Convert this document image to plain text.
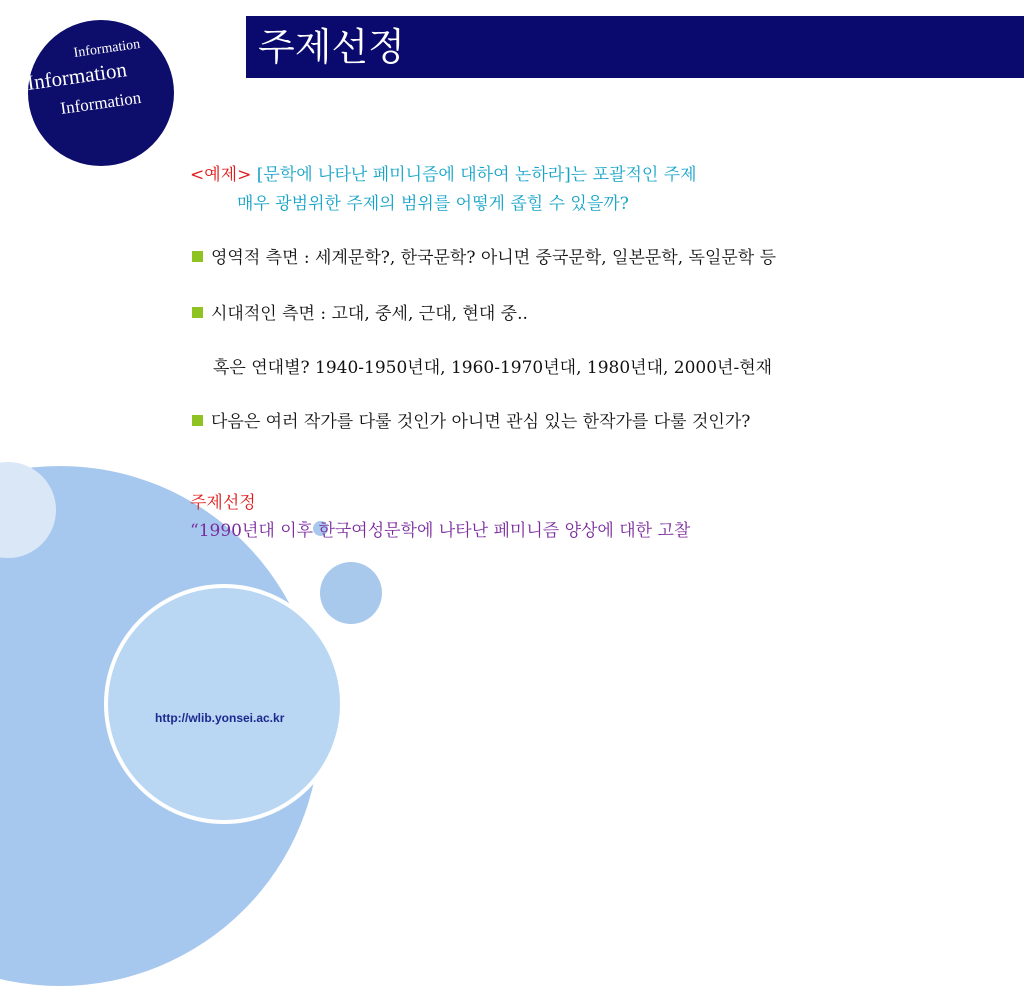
Information
Information
Information
주제선정
<예제> [문학에 나타난 페미니즘에 대하여 논하라]는 포괄적인 주제
매우 광범위한 주제의 범위를 어떻게 좁힐 수 있을까?
영역적 측면 : 세계문학?, 한국문학? 아니면 중국문학, 일본문학, 독일문학 등
시대적인 측면 : 고대, 중세, 근대, 현대 중..
혹은 연대별? 1940-1950년대, 1960-1970년대, 1980년대, 2000년-현재
다음은 여러 작가를 다룰 것인가 아니면 관심 있는 한작가를 다룰 것인가?
주제선정
“1990년대 이후 한국여성문학에 나타난 페미니즘 양상에 대한 고찰
http://wlib.yonsei.ac.kr
